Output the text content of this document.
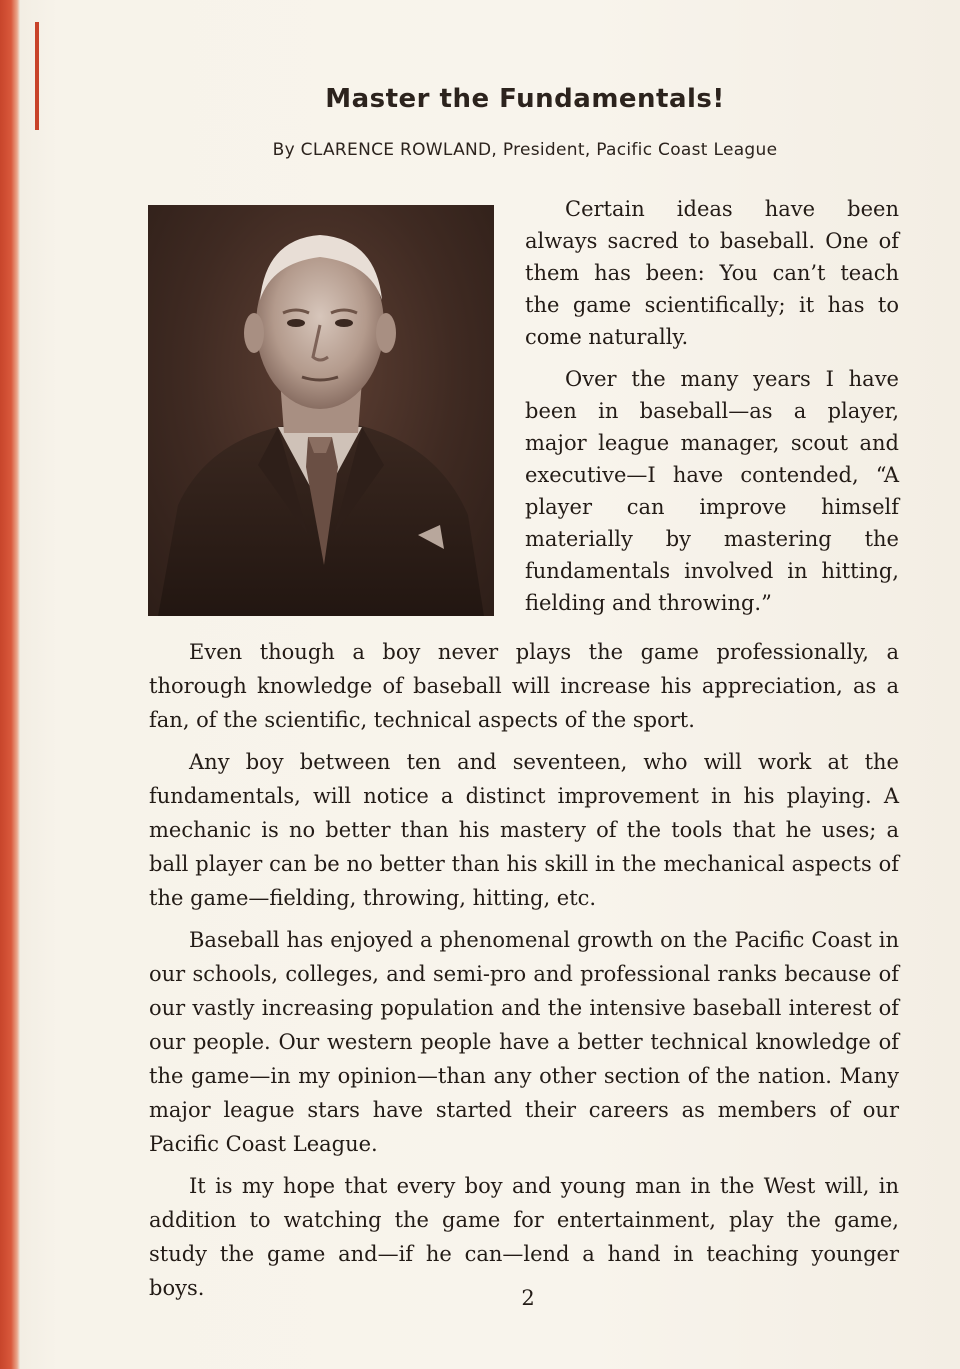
Master the Fundamentals!
By CLARENCE ROWLAND, President, Pacific Coast League

Certain ideas have been always sacred to baseball. One of them has been: You can’t teach the game scientifically; it has to come naturally.

Over the many years I have been in baseball—as a player, major league manager, scout and executive—I have contended, “A player can improve himself materially by mastering the fundamentals involved in hitting, fielding and throwing.”

Even though a boy never plays the game professionally, a thorough knowledge of baseball will increase his appreciation, as a fan, of the scientific, technical aspects of the sport.

Any boy between ten and seventeen, who will work at the fundamentals, will notice a distinct improvement in his playing. A mechanic is no better than his mastery of the tools that he uses; a ball player can be no better than his skill in the mechanical aspects of the game—fielding, throwing, hitting, etc.

Baseball has enjoyed a phenomenal growth on the Pacific Coast in our schools, colleges, and semi-pro and professional ranks because of our vastly increasing population and the intensive baseball interest of our people. Our western people have a better technical knowledge of the game—in my opinion—than any other section of the nation. Many major league stars have started their careers as members of our Pacific Coast League.

It is my hope that every boy and young man in the West will, in addition to watching the game for entertainment, play the game, study the game and—if he can—lend a hand in teaching younger boys.	2
